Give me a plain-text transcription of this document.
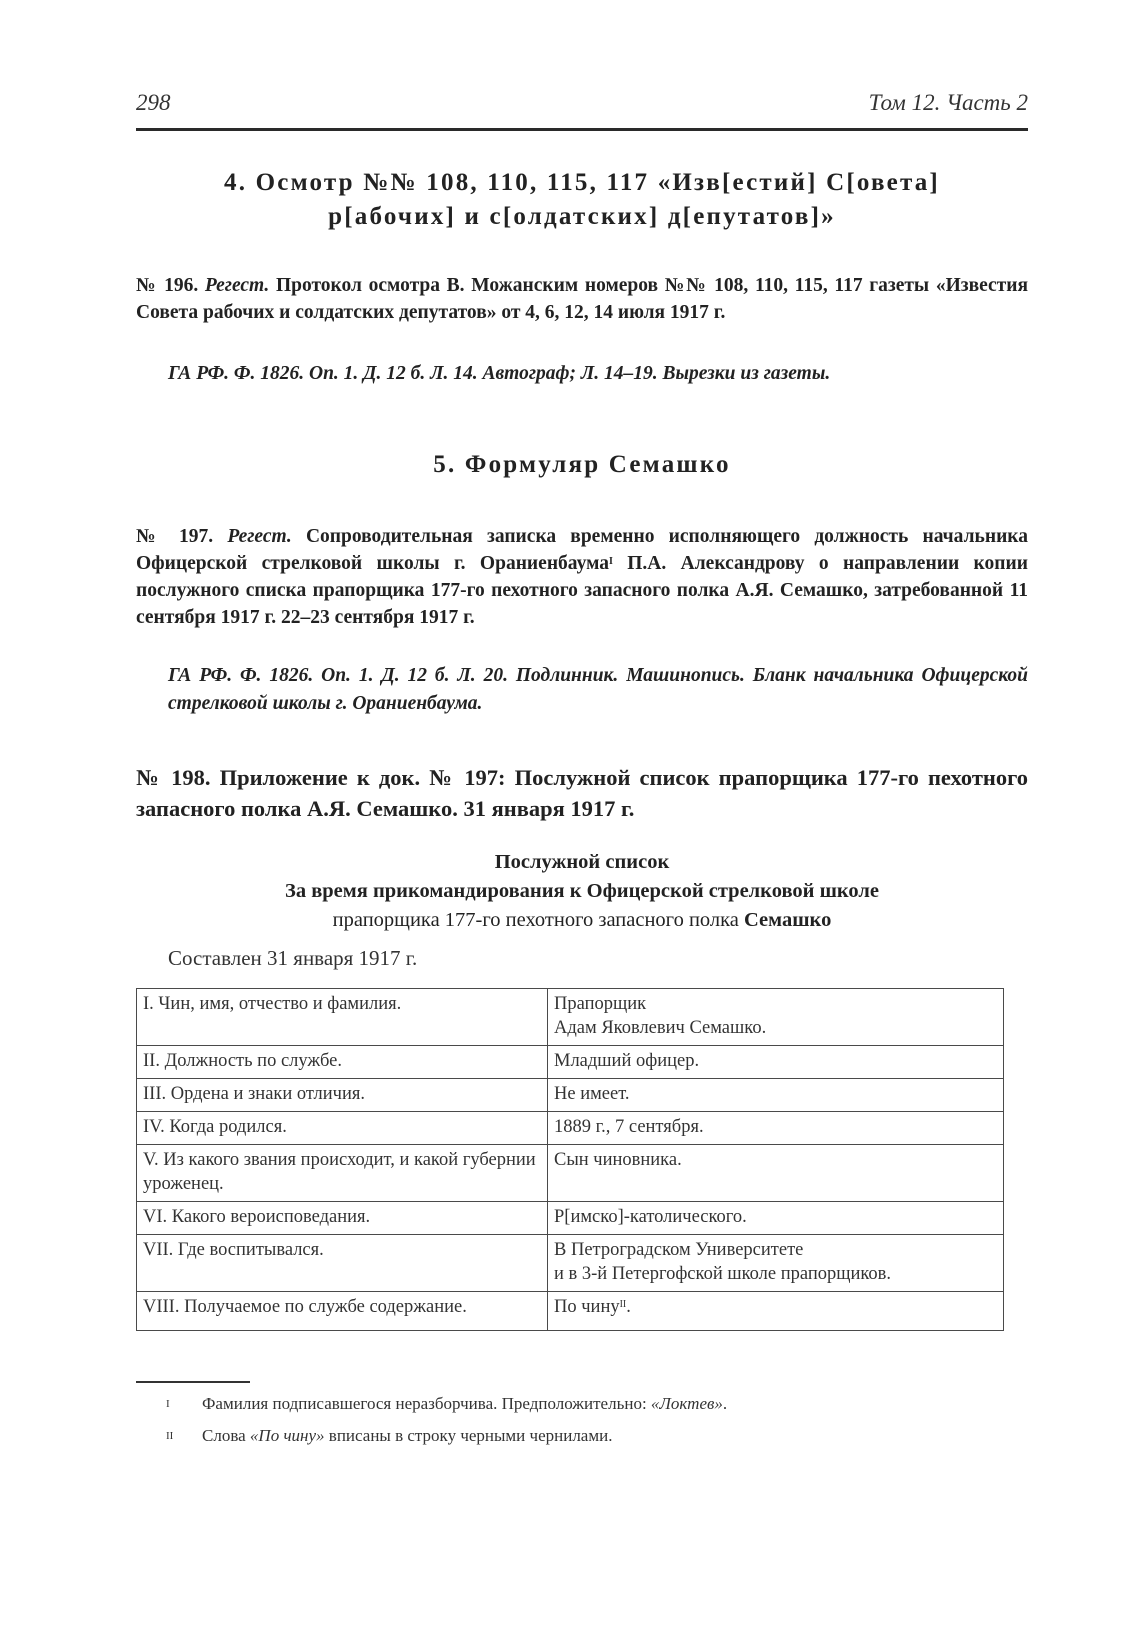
298	Том 12. Часть 2
4. Осмотр №№ 108, 110, 115, 117 «Изв[естий] С[овета]
р[абочих] и с[олдатских] д[епутатов]»
№ 196. Регест. Протокол осмотра В. Можанским номеров №№ 108, 110, 115, 117 газеты «Известия Совета рабочих и солдатских депутатов» от 4, 6, 12, 14 июля 1917 г.
ГА РФ. Ф. 1826. Оп. 1. Д. 12 б. Л. 14. Автограф; Л. 14–19. Вырезки из газеты.
5. Формуляр Семашко
№ 197. Регест. Сопроводительная записка временно исполняющего должность начальника Офицерской стрелковой школы г. Ораниенбаума$^I$ П.А. Александрову о направлении копии послужного списка прапорщика 177-го пехотного запасного полка А.Я. Семашко, затребованной 11 сентября 1917 г. 22–23 сентября 1917 г.
ГА РФ. Ф. 1826. Оп. 1. Д. 12 б. Л. 20. Подлинник. Машинопись. Бланк начальника Офицерской стрелковой школы г. Ораниенбаума.
№ 198. Приложение к док. № 197: Послужной список прапорщика 177-го пехотного запасного полка А.Я. Семашко. 31 января 1917 г.
Послужной список
За время прикомандирования к Офицерской стрелковой школе
прапорщика 177-го пехотного запасного полка Семашко
Составлен 31 января 1917 г.
I. Чин, имя, отчество и фамилия.	Прапорщик
Адам Яковлевич Семашко.

II. Должность по службе.	Младший офицер.
III. Ордена и знаки отличия.	Не имеет.
IV. Когда родился.	1889 г., 7 сентября.
V. Из какого звания происходит, и какой губернии уроженец.	Сын чиновника.
VI. Какого вероисповедания.	Р[имско]-католического.
VII. Где воспитывался.	В Петроградском Университете
и в 3-й Петергофской школе прапорщиков.

VIII. Получаемое по службе содержание.	По чину$^{II}$.
I Фамилия подписавшегося неразборчива. Предположительно: «Локтев».
II Слова «По чину» вписаны в строку черными чернилами.
